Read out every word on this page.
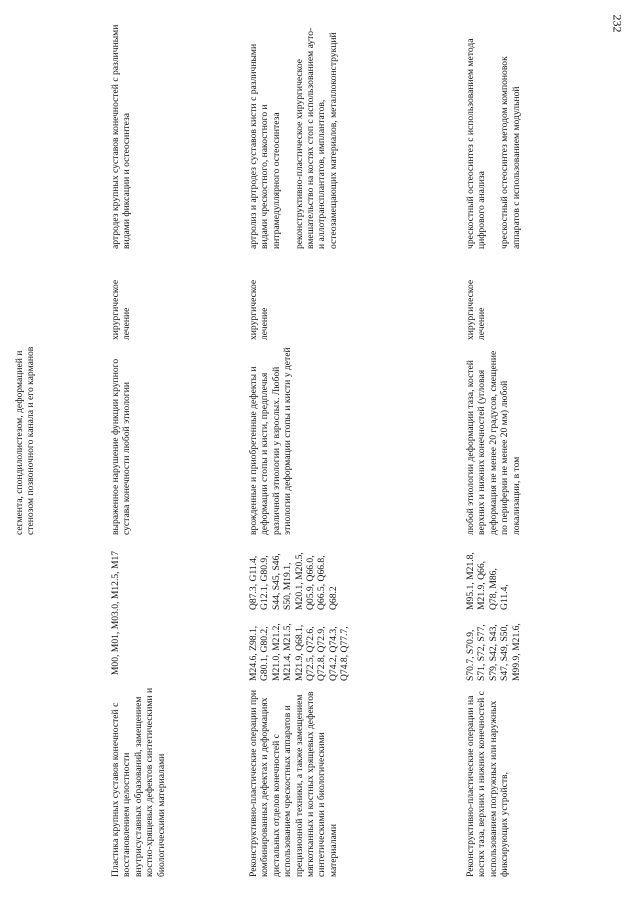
232
сегмента, спондилолистезом, деформацией и стенозом позвоночного канала и его карманов
Пластика крупных суставов конечностей с восстановлением целостности внутрисуставных образований, замещением костно-хрящевых дефектов синтетическими и биологическими материалами
M00, M01, M03.0, M12.5, M17
выраженное нарушение функции крупного сустава конечности любой этиологии
хирургическое лечение
артродез крупных суставов конечностей с различными видами фиксации и остеосинтеза
Реконструктивно-пластические операции при комбинированных дефектах и деформациях дистальных отделов конечностей с использованием чрескостных аппаратов и прецизионной техники, а также замещением мягкотканных и костных хрящевых дефектов синтетическими и биологическими материалами
M24.6, Z98.1, G80.1, G80.2, M21.0, M21.2, M21.4, M21.5, M21.9, Q68.1, Q72.5, Q72.6, Q72.8, Q72.9, Q74.2, Q74.3, Q74.8, Q77.7, Q87.3, G11.4, G12.1, G80.9, S44, S45, S46, S50, M19.1, M20.1, M20.5, Q05.9, Q66.0, Q66.5, Q66.8, Q68.2
врожденные и приобретенные дефекты и деформации стопы и кисти, предплечья различной этиологии у взрослых. Любой этиологии деформации стопы и кисти у детей
хирургическое лечение
артролиз и артродез суставов кисти с различными видами чрескостного, накостного и интрамедуллярного остеосинтеза

реконструктивно-пластическое хирургическое вмешательство на костях стоп с использованием ауто- и аллотрансплантатов, имплантатов, остеозамещающих материалов, металлоконструкций
Реконструктивно-пластические операции на костях таза, верхних и нижних конечностей с использованием погружных или наружных фиксирующих устройств,
S70.7, S70.9, S71, S72, S77, S79, S42, S43, S47, S49, S50, M99.9, M21.6, M95.1, M21.8, M21.9, Q66, Q78, M86, G11.4,
любой этиологии деформации таза, костей верхних и нижних конечностей (угловая деформация не менее 20 градусов, смещение по периферии не менее 20 мм) любой локализации, в том
хирургическое лечение
чрескостный остеосинтез с использованием метода цифрового анализа

чрескостный остеосинтез методом компоновок аппаратов с использованием модульной
